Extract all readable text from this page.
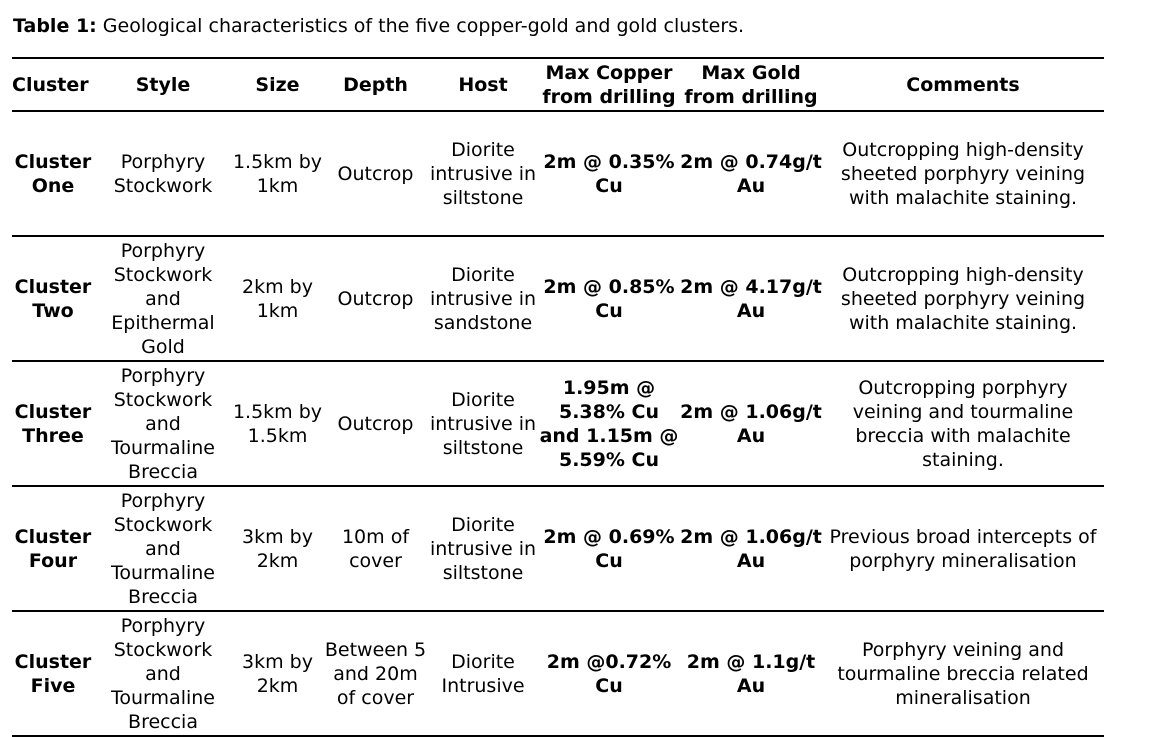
Table 1: Geological characteristics of the five copper-gold and gold clusters.
Cluster	Style	Size	Depth	Host	Max Copper from drilling	Max Gold from drilling	Comments
Cluster One	Porphyry Stockwork	1.5km by 1km	Outcrop	Diorite intrusive in siltstone	2m @ 0.35% Cu	2m @ 0.74g/t Au	Outcropping high-density sheeted porphyry veining with malachite staining.
Cluster Two	Porphyry Stockwork and Epithermal Gold	2km by 1km	Outcrop	Diorite intrusive in sandstone	2m @ 0.85% Cu	2m @ 4.17g/t Au	Outcropping high-density sheeted porphyry veining with malachite staining.
Cluster Three	Porphyry Stockwork and Tourmaline Breccia	1.5km by 1.5km	Outcrop	Diorite intrusive in siltstone	1.95m @ 5.38% Cu and 1.15m @ 5.59% Cu	2m @ 1.06g/t Au	Outcropping porphyry veining and tourmaline breccia with malachite staining.
Cluster Four	Porphyry Stockwork and Tourmaline Breccia	3km by 2km	10m of cover	Diorite intrusive in siltstone	2m @ 0.69% Cu	2m @ 1.06g/t Au	Previous broad intercepts of porphyry mineralisation
Cluster Five	Porphyry Stockwork and Tourmaline Breccia	3km by 2km	Between 5 and 20m of cover	Diorite Intrusive	2m @0.72% Cu	2m @ 1.1g/t Au	Porphyry veining and tourmaline breccia related mineralisation
